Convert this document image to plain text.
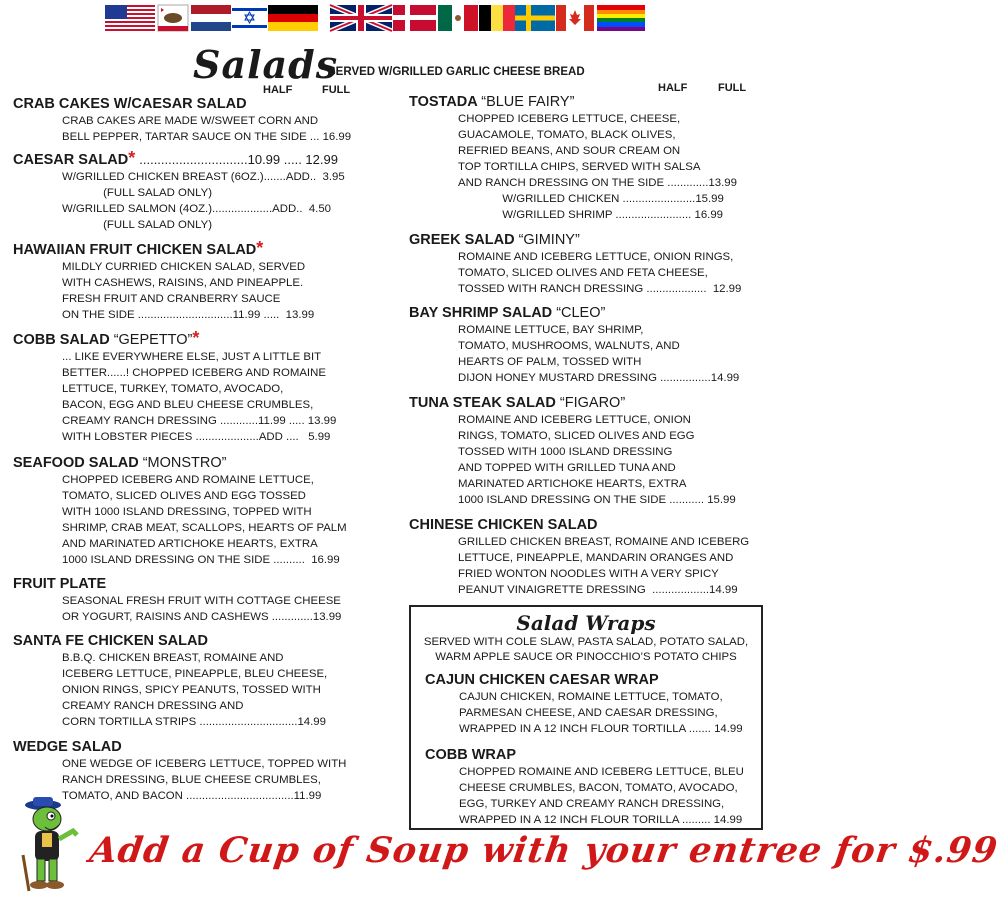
Salads
SERVED W/GRILLED GARLIC CHEESE BREAD
HALF	FULL	HALF	FULL
CRAB CAKES W/CAESAR SALAD
CRAB CAKES ARE MADE W/SWEET CORN AND
BELL PEPPER, TARTAR SAUCE ON THE SIDE ... 16.99
CAESAR SALAD* ..............................10.99 ..... 12.99
W/GRILLED CHICKEN BREAST (6OZ.).......ADD..  3.95
(FULL SALAD ONLY)
W/GRILLED SALMON (4OZ.)...................ADD..  4.50
(FULL SALAD ONLY)
HAWAIIAN FRUIT CHICKEN SALAD*
MILDLY CURRIED CHICKEN SALAD, SERVED
WITH CASHEWS, RAISINS, AND PINEAPPLE.
FRESH FRUIT AND CRANBERRY SAUCE
ON THE SIDE ..............................11.99 .....  13.99
COBB SALAD “GEPETTO”*
... LIKE EVERYWHERE ELSE, JUST A LITTLE BIT
BETTER......! CHOPPED ICEBERG AND ROMAINE
LETTUCE, TURKEY, TOMATO, AVOCADO,
BACON, EGG AND BLEU CHEESE CRUMBLES,
CREAMY RANCH DRESSING ............11.99 ..... 13.99
WITH LOBSTER PIECES ....................ADD ....   5.99
SEAFOOD SALAD “MONSTRO”
CHOPPED ICEBERG AND ROMAINE LETTUCE,
TOMATO, SLICED OLIVES AND EGG TOSSED
WITH 1000 ISLAND DRESSING, TOPPED WITH
SHRIMP, CRAB MEAT, SCALLOPS, HEARTS OF PALM
AND MARINATED ARTICHOKE HEARTS, EXTRA
1000 ISLAND DRESSING ON THE SIDE ..........  16.99
FRUIT PLATE
SEASONAL FRESH FRUIT WITH COTTAGE CHEESE
OR YOGURT, RAISINS AND CASHEWS .............13.99
SANTA FE CHICKEN SALAD
B.B.Q. CHICKEN BREAST, ROMAINE AND
ICEBERG LETTUCE, PINEAPPLE, BLEU CHEESE,
ONION RINGS, SPICY PEANUTS, TOSSED WITH
CREAMY RANCH DRESSING AND
CORN TORTILLA STRIPS ...............................14.99
WEDGE SALAD
ONE WEDGE OF ICEBERG LETTUCE, TOPPED WITH
RANCH DRESSING, BLUE CHEESE CRUMBLES,
TOMATO, AND BACON ..................................11.99
TOSTADA “BLUE FAIRY”
CHOPPED ICEBERG LETTUCE, CHEESE,
GUACAMOLE, TOMATO, BLACK OLIVES,
REFRIED BEANS, AND SOUR CREAM ON
TOP TORTILLA CHIPS, SERVED WITH SALSA
AND RANCH DRESSING ON THE SIDE .............13.99
W/GRILLED CHICKEN .......................15.99
W/GRILLED SHRIMP ........................ 16.99
GREEK SALAD “GIMINY”
ROMAINE AND ICEBERG LETTUCE, ONION RINGS,
TOMATO, SLICED OLIVES AND FETA CHEESE,
TOSSED WITH RANCH DRESSING ...................  12.99
BAY SHRIMP SALAD “CLEO”
ROMAINE LETTUCE, BAY SHRIMP,
TOMATO, MUSHROOMS, WALNUTS, AND
HEARTS OF PALM, TOSSED WITH
DIJON HONEY MUSTARD DRESSING ................14.99
TUNA STEAK SALAD “FIGARO”
ROMAINE AND ICEBERG LETTUCE, ONION
RINGS, TOMATO, SLICED OLIVES AND EGG
TOSSED WITH 1000 ISLAND DRESSING
AND TOPPED WITH GRILLED TUNA AND
MARINATED ARTICHOKE HEARTS, EXTRA
1000 ISLAND DRESSING ON THE SIDE ........... 15.99
CHINESE CHICKEN SALAD
GRILLED CHICKEN BREAST, ROMAINE AND ICEBERG
LETTUCE, PINEAPPLE, MANDARIN ORANGES AND
FRIED WONTON NOODLES WITH A VERY SPICY
PEANUT VINAIGRETTE DRESSING  ..................14.99
Salad Wraps
SERVED WITH COLE SLAW, PASTA SALAD, POTATO SALAD,
WARM APPLE SAUCE OR PINOCCHIO’S POTATO CHIPS
CAJUN CHICKEN CAESAR WRAP
CAJUN CHICKEN, ROMAINE LETTUCE, TOMATO,
PARMESAN CHEESE, AND CAESAR DRESSING,
WRAPPED IN A 12 INCH FLOUR TORTILLA ....... 14.99
COBB WRAP
CHOPPED ROMAINE AND ICEBERG LETTUCE, BLEU
CHEESE CRUMBLES, BACON, TOMATO, AVOCADO,
EGG, TURKEY AND CREAMY RANCH DRESSING,
WRAPPED IN A 12 INCH FLOUR TORILLA ......... 14.99
Add a Cup of Soup with your entree for $.99
